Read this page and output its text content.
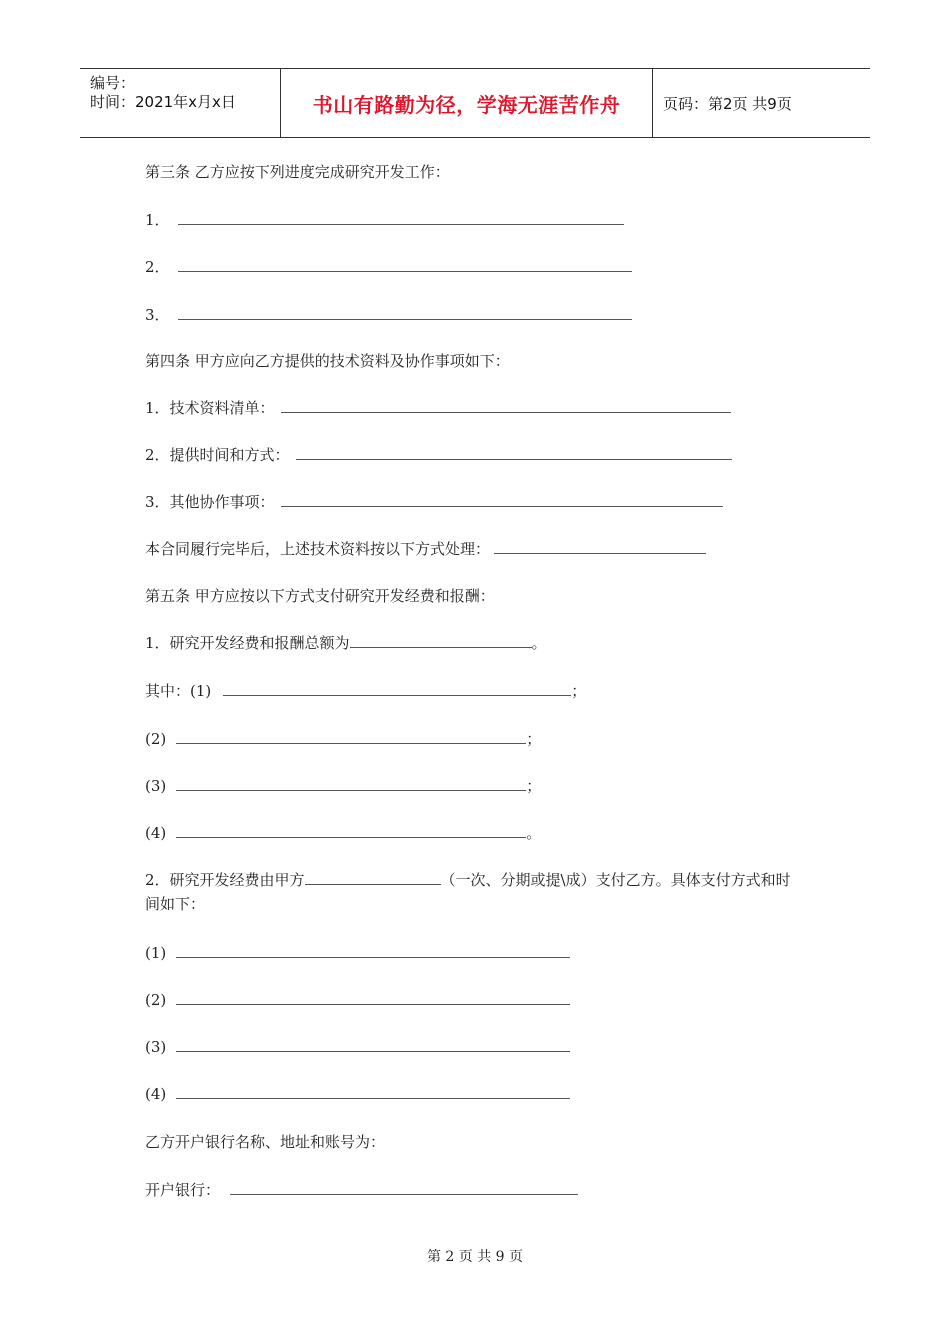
编号：
时间：2021年x月x日	书山有路勤为径，学海无涯苦作舟	页码：第2页 共9页
第三条 乙方应按下列进度完成研究开发工作：
1．
2．
3．
第四条 甲方应向乙方提供的技术资料及协作事项如下：
1．技术资料清单：
2．提供时间和方式：
3．其他协作事项：
本合同履行完毕后，上述技术资料按以下方式处理：
第五条 甲方应按以下方式支付研究开发经费和报酬：
1．研究开发经费和报酬总额为	。
其中：(1)	；
(2)	；
(3)	；
(4)	。
2．研究开发经费由甲方	（一次、分期或提\成）支付乙方。具体支付方式和时间如下：
(1)
(2)
(3)
(4)
乙方开户银行名称、地址和账号为：
开户银行：
第 2 页 共 9 页
